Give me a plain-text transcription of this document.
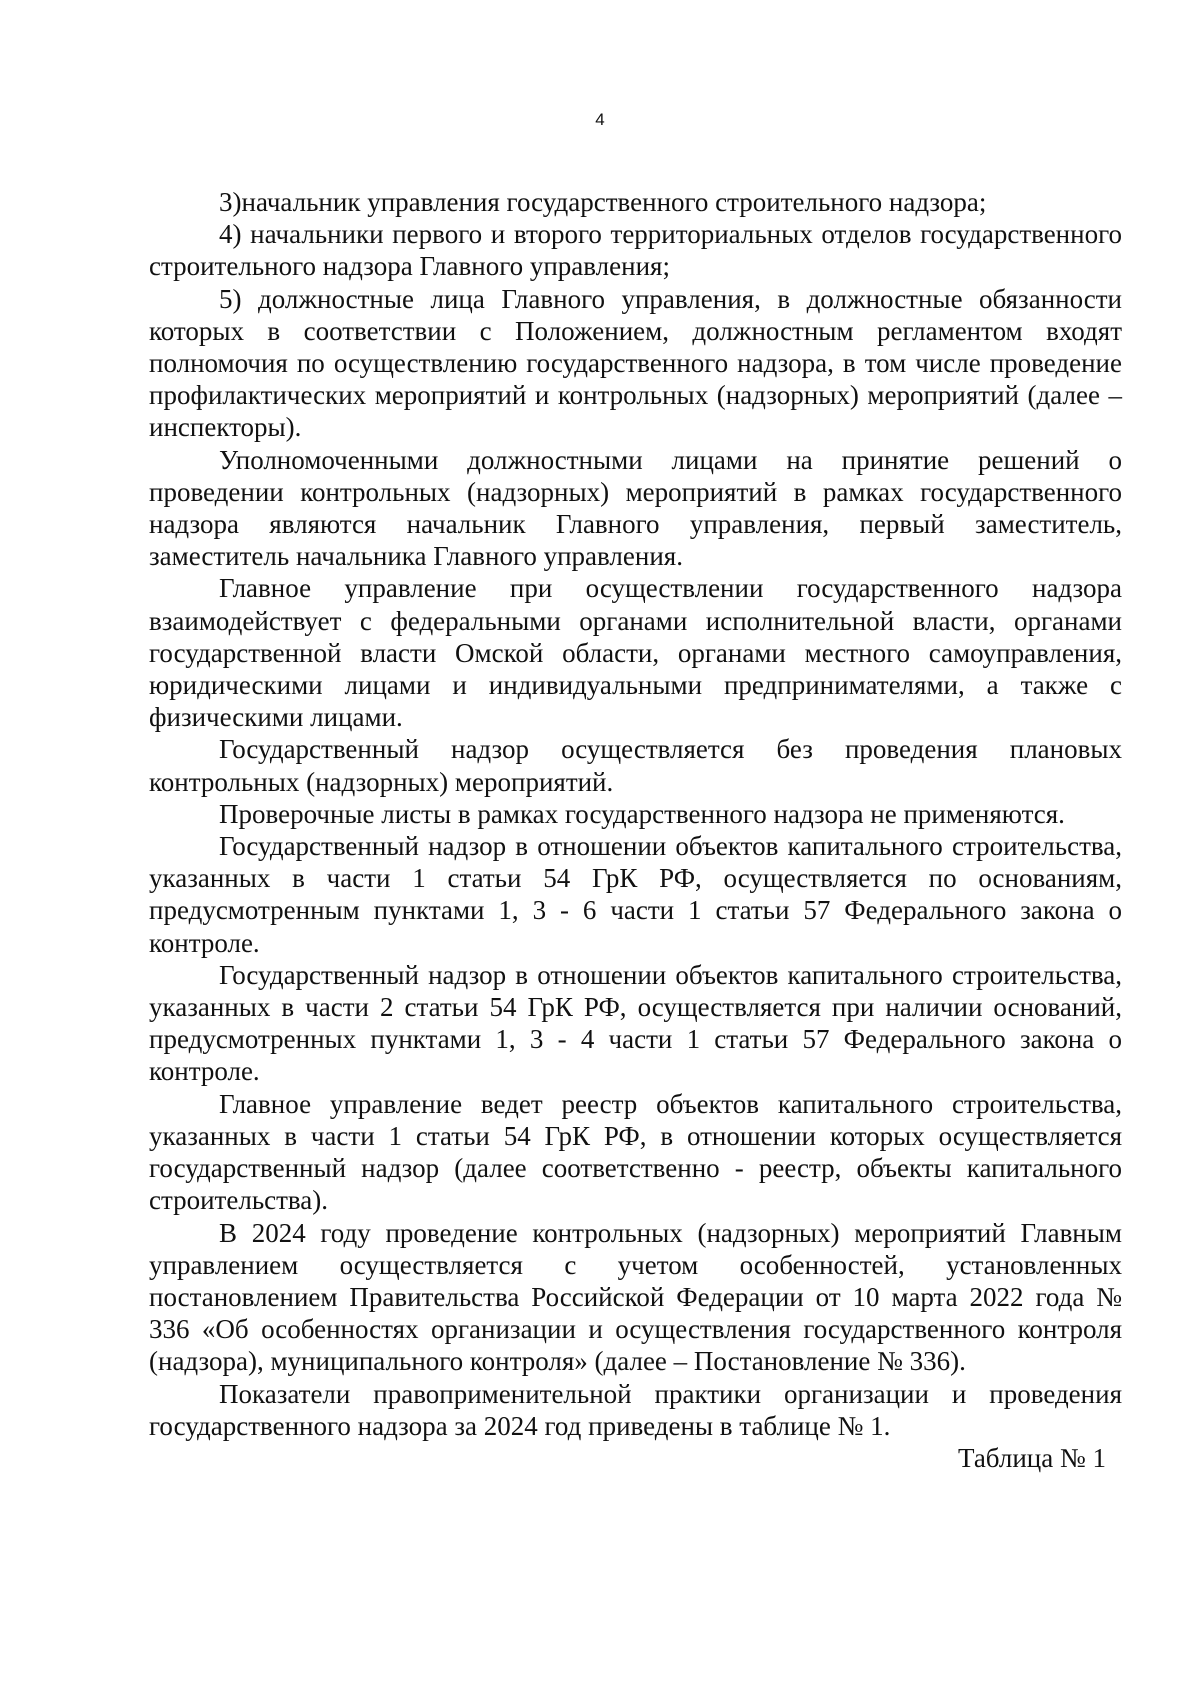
4

3)начальник управления государственного строительного надзора;

4) начальники первого и второго территориальных отделов государственного строительного надзора Главного управления;

5) должностные лица Главного управления, в должностные обязанности которых в соответствии с Положением, должностным регламентом входят полномочия по осуществлению государственного надзора, в том числе проведение профилактических мероприятий и контрольных (надзорных) мероприятий (далее – инспекторы).

Уполномоченными должностными лицами на принятие решений о проведении контрольных (надзорных) мероприятий в рамках государственного надзора являются начальник Главного управления, первый заместитель, заместитель начальника Главного управления.

Главное управление при осуществлении государственного надзора взаимодействует с федеральными органами исполнительной власти, органами государственной власти Омской области, органами местного самоуправления, юридическими лицами и индивидуальными предпринимателями, а также с физическими лицами.

Государственный надзор осуществляется без проведения плановых контрольных (надзорных) мероприятий.

Проверочные листы в рамках государственного надзора не применяются.

Государственный надзор в отношении объектов капитального строительства, указанных в части 1 статьи 54 ГрК РФ, осуществляется по основаниям, предусмотренным пунктами 1, 3 - 6 части 1 статьи 57 Федерального закона о контроле.

Государственный надзор в отношении объектов капитального строительства, указанных в части 2 статьи 54 ГрК РФ, осуществляется при наличии оснований, предусмотренных пунктами 1, 3 - 4 части 1 статьи 57 Федерального закона о контроле.

Главное управление ведет реестр объектов капитального строительства, указанных в части 1 статьи 54 ГрК РФ, в отношении которых осуществляется государственный надзор (далее соответственно - реестр, объекты капитального строительства).

В 2024 году проведение контрольных (надзорных) мероприятий Главным управлением осуществляется с учетом особенностей, установленных постановлением Правительства Российской Федерации от 10 марта 2022 года № 336 «Об особенностях организации и осуществления государственного контроля (надзора), муниципального контроля» (далее – Постановление № 336).

Показатели правоприменительной практики организации и проведения государственного надзора за 2024 год приведены в таблице № 1.

Таблица № 1
